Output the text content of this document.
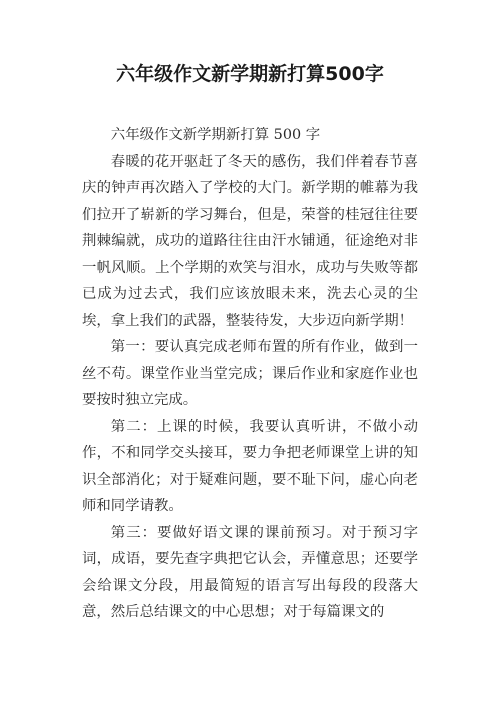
六年级作文新学期新打算500字

六年级作文新学期新打算 500 字

春暖的花开驱赶了冬天的感伤，我们伴着春节喜庆的钟声再次踏入了学校的大门。新学期的帷幕为我们拉开了崭新的学习舞台，但是，荣誉的桂冠往往要荆棘编就，成功的道路往往由汗水铺通，征途绝对非一帆风顺。上个学期的欢笑与泪水，成功与失败等都已成为过去式，我们应该放眼未来，洗去心灵的尘埃，拿上我们的武器，整装待发，大步迈向新学期！

第一：要认真完成老师布置的所有作业，做到一丝不苟。课堂作业当堂完成；课后作业和家庭作业也要按时独立完成。

第二：上课的时候，我要认真听讲，不做小动作，不和同学交头接耳，要力争把老师课堂上讲的知识全部消化；对于疑难问题，要不耻下问，虚心向老师和同学请教。

第三：要做好语文课的课前预习。对于预习字词，成语，要先查字典把它认会，弄懂意思；还要学会给课文分段，用最简短的语言写出每段的段落大意，然后总结课文的中心思想；对于每篇课文的
